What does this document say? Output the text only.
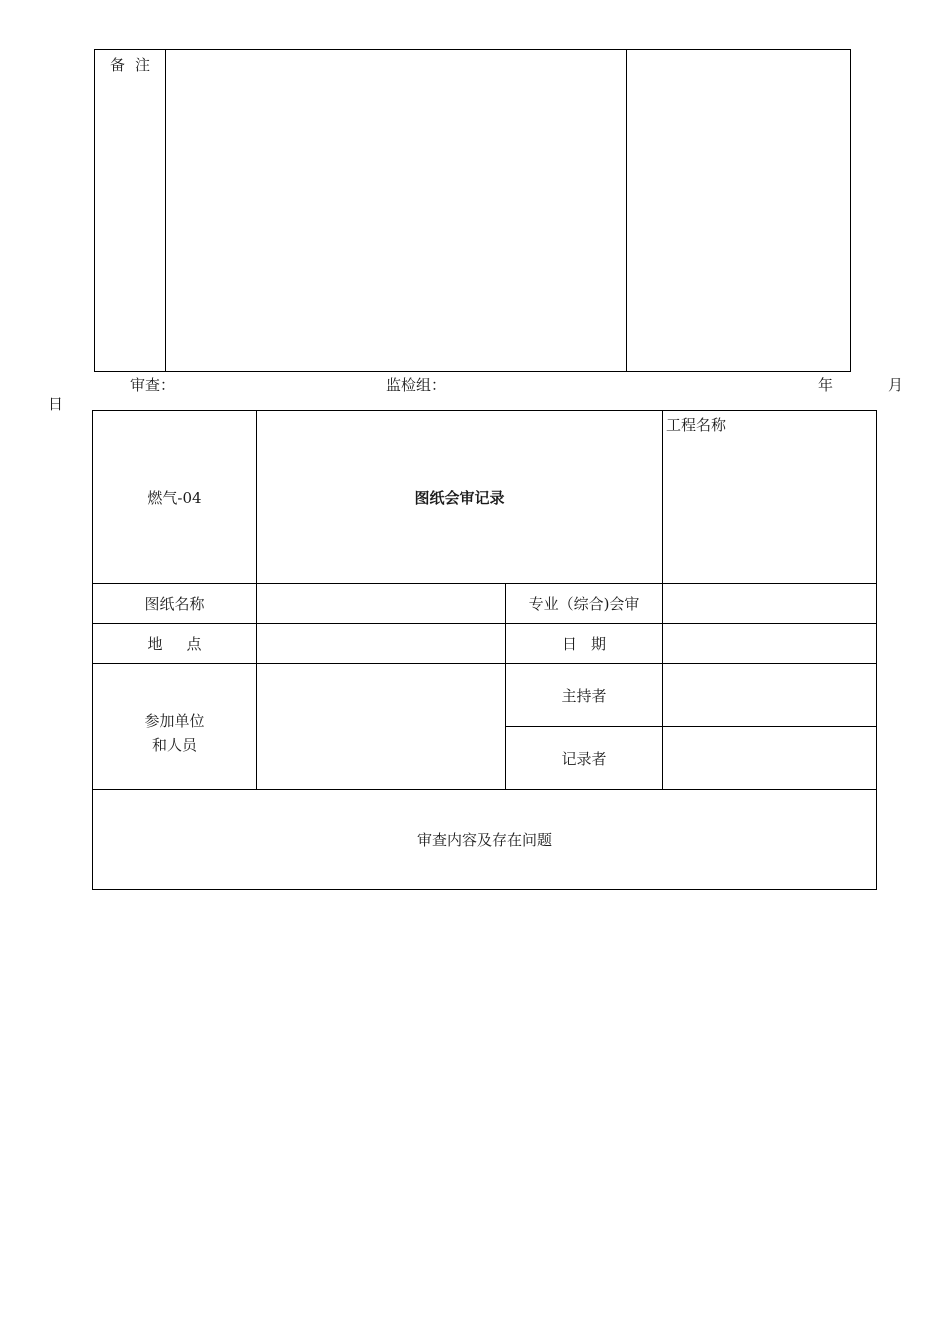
备注
审查：	监检组：	年	月
日
燃气-04	图纸会审记录		工程名称
图纸名称		专业（综合)会审	
地点		日期	

参加单位
和人员		主持者	
		记录者	
审查内容及存在问题			
